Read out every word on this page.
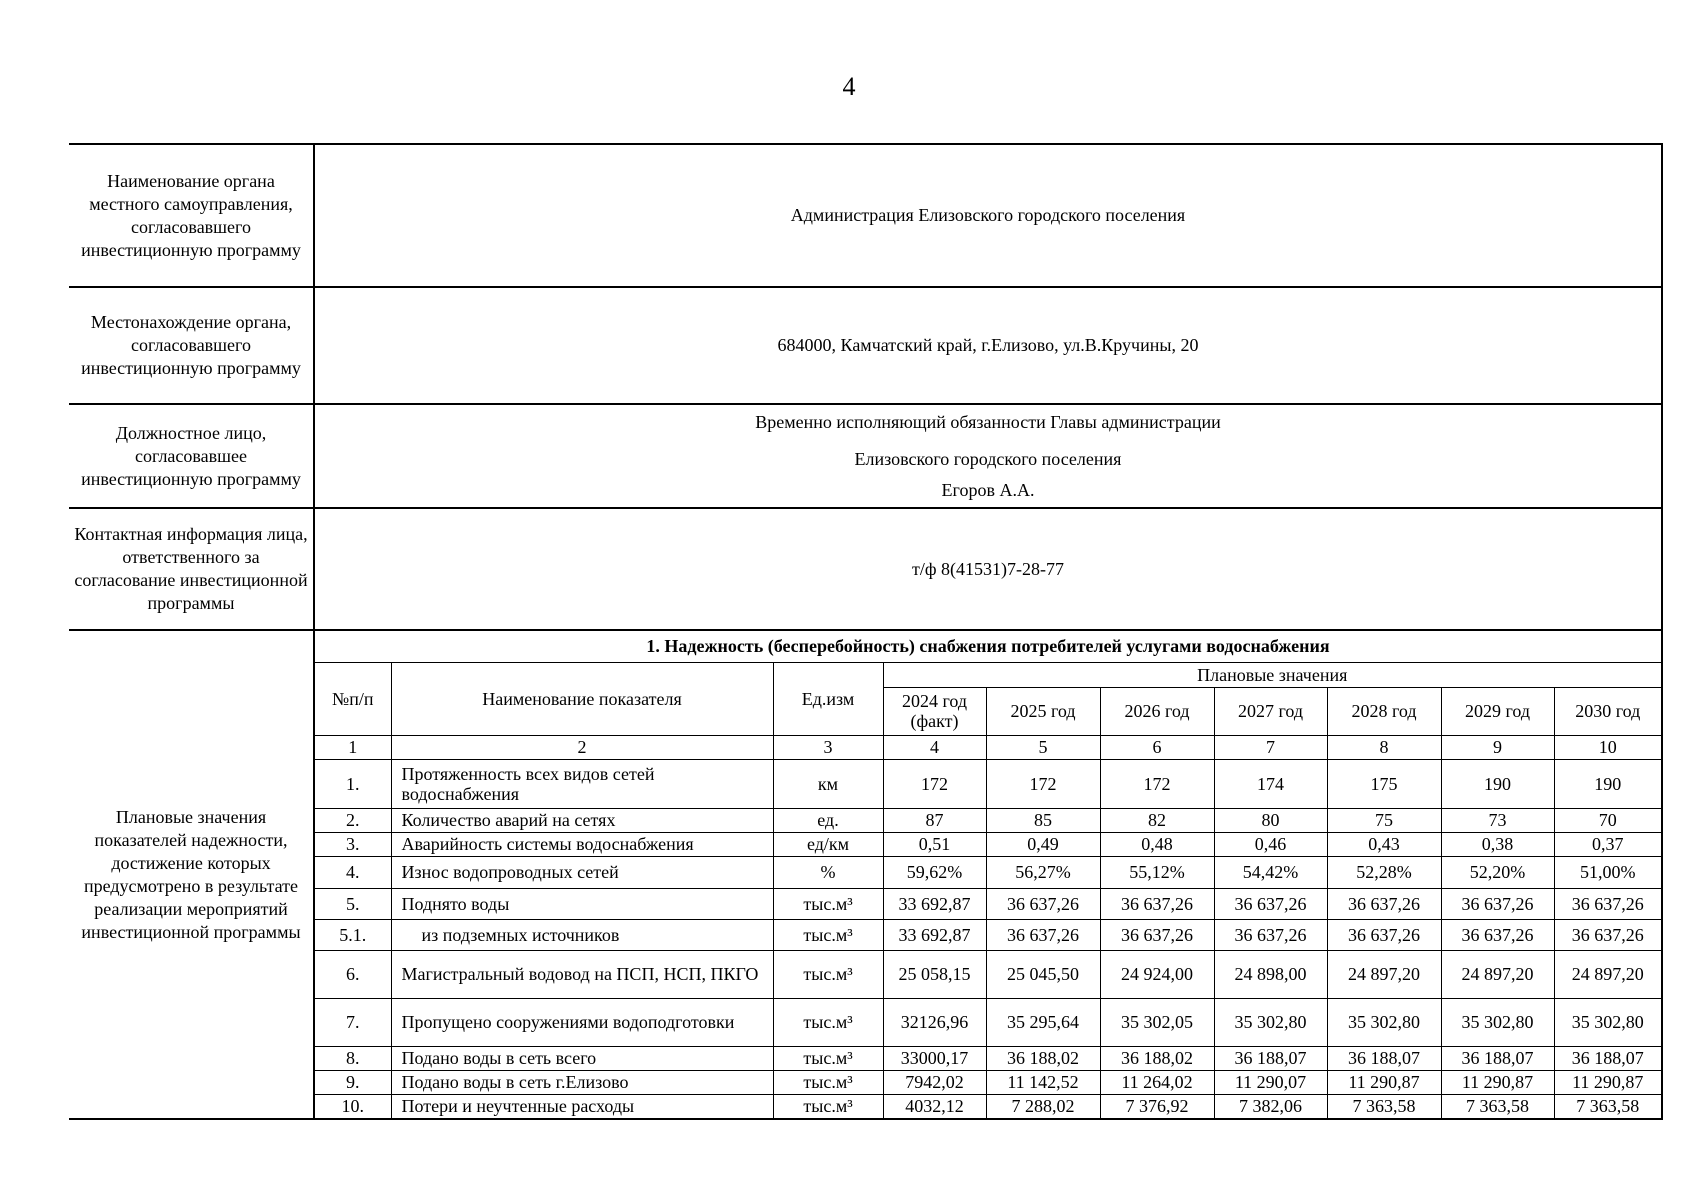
4
Наименование органа местного самоуправления, согласовавшего инвестиционную программу	Администрация Елизовского городского поселения
Местонахождение органа, согласовавшего инвестиционную программу	684000, Камчатский край, г.Елизово, ул.В.Кручины, 20
Должностное лицо, согласовавшее инвестиционную программу	

Временно исполняющий обязанности Главы администрации

Елизовского городского поселения

Егоров А.А.

Контактная информация лица, ответственного за согласование инвестиционной программы	т/ф 8(41531)7-28-77
Плановые значения показателей надежности, достижение которых предусмотрено в результате реализации мероприятий инвестиционной программы	
1. Надежность (бесперебойность) снабжения потребителей услугами водоснабжения
№п/п	Наименование показателя	Ед.изм	Плановые значения
2024 год (факт)	2025 год	2026 год	2027 год	2028 год	2029 год	2030 год
1	2	3	4	5	6	7	8	9	10
1.	Протяженность всех видов сетей водоснабжения	км	172	172	172	174	175	190	190
2.	Количество аварий на сетях	ед.	87	85	82	80	75	73	70
3.	Аварийность системы водоснабжения	ед/км	0,51	0,49	0,48	0,46	0,43	0,38	0,37
4.	Износ водопроводных сетей	%	59,62%	56,27%	55,12%	54,42%	52,28%	52,20%	51,00%
5.	Поднято воды	тыс.м³	33 692,87	36 637,26	36 637,26	36 637,26	36 637,26	36 637,26	36 637,26
5.1.	из подземных источников	тыс.м³	33 692,87	36 637,26	36 637,26	36 637,26	36 637,26	36 637,26	36 637,26
6.	Магистральный водовод на ПСП, НСП, ПКГО	тыс.м³	25 058,15	25 045,50	24 924,00	24 898,00	24 897,20	24 897,20	24 897,20
7.	Пропущено сооружениями водоподготовки	тыс.м³	32126,96	35 295,64	35 302,05	35 302,80	35 302,80	35 302,80	35 302,80
8.	Подано воды в сеть всего	тыс.м³	33000,17	36 188,02	36 188,02	36 188,07	36 188,07	36 188,07	36 188,07
9.	Подано воды в сеть г.Елизово	тыс.м³	7942,02	11 142,52	11 264,02	11 290,07	11 290,87	11 290,87	11 290,87
10.	Потери и неучтенные расходы	тыс.м³	4032,12	7 288,02	7 376,92	7 382,06	7 363,58	7 363,58	7 363,58
